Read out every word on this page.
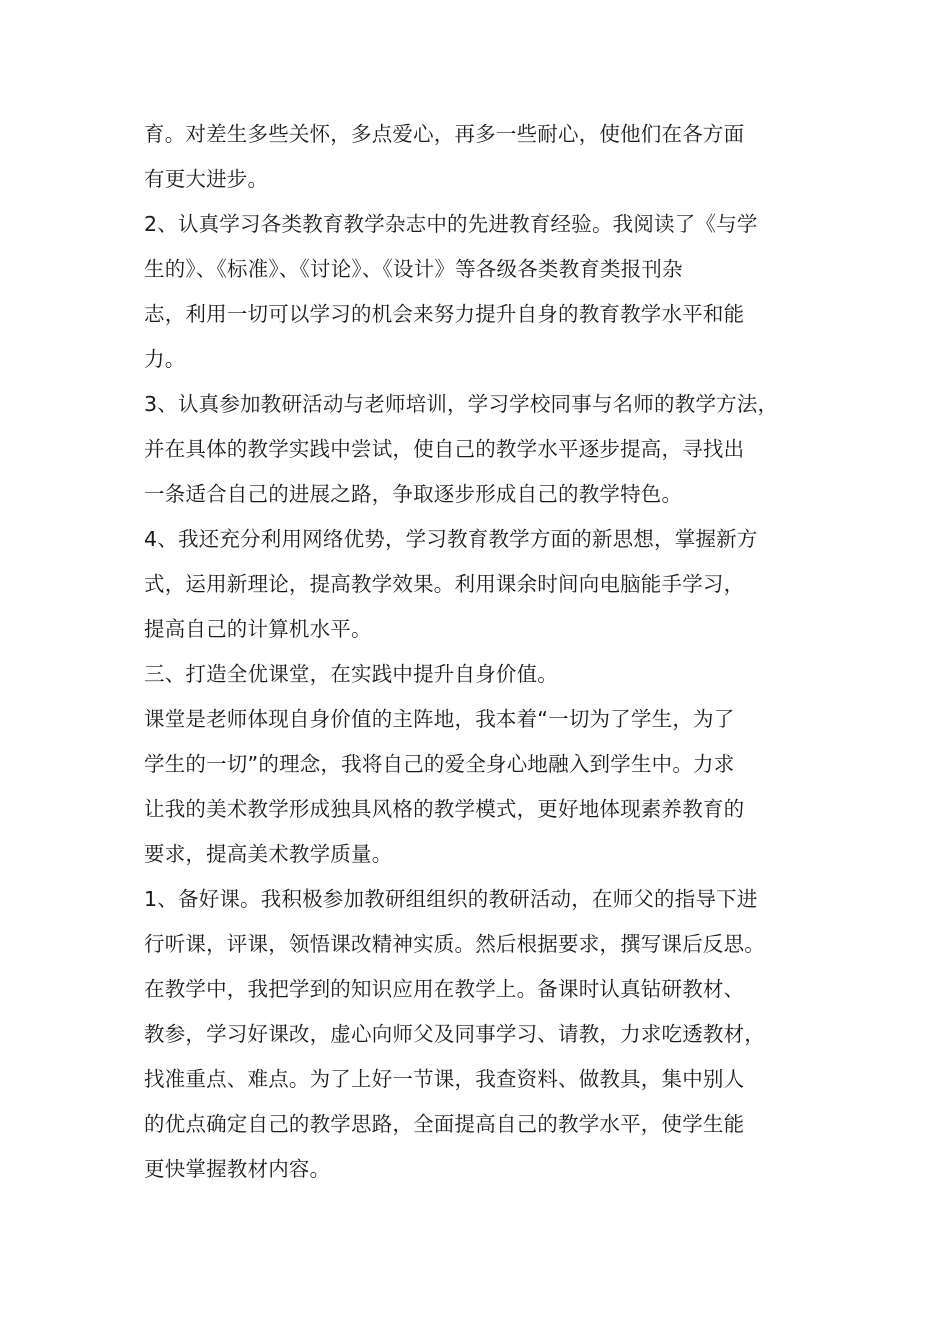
育。对差生多些关怀，多点爱心，再多一些耐心，使他们在各方面
有更大进步。
2、认真学习各类教育教学杂志中的先进教育经验。我阅读了《与学
生的》、《标准》、《讨论》、《设计》等各级各类教育类报刊杂
志，利用一切可以学习的机会来努力提升自身的教育教学水平和能
力。
3、认真参加教研活动与老师培训，学习学校同事与名师的教学方法，
并在具体的教学实践中尝试，使自己的教学水平逐步提高，寻找出
一条适合自己的进展之路，争取逐步形成自己的教学特色。
4、我还充分利用网络优势，学习教育教学方面的新思想，掌握新方
式，运用新理论，提高教学效果。利用课余时间向电脑能手学习，
提高自己的计算机水平。
三、打造全优课堂，在实践中提升自身价值。
课堂是老师体现自身价值的主阵地，我本着“一切为了学生，为了
学生的一切”的理念，我将自己的爱全身心地融入到学生中。力求
让我的美术教学形成独具风格的教学模式，更好地体现素养教育的
要求，提高美术教学质量。
1、备好课。我积极参加教研组组织的教研活动，在师父的指导下进
行听课，评课，领悟课改精神实质。然后根据要求，撰写课后反思。
在教学中，我把学到的知识应用在教学上。备课时认真钻研教材、
教参，学习好课改，虚心向师父及同事学习、请教，力求吃透教材，
找准重点、难点。为了上好一节课，我查资料、做教具，集中别人
的优点确定自己的教学思路，全面提高自己的教学水平，使学生能
更快掌握教材内容。
